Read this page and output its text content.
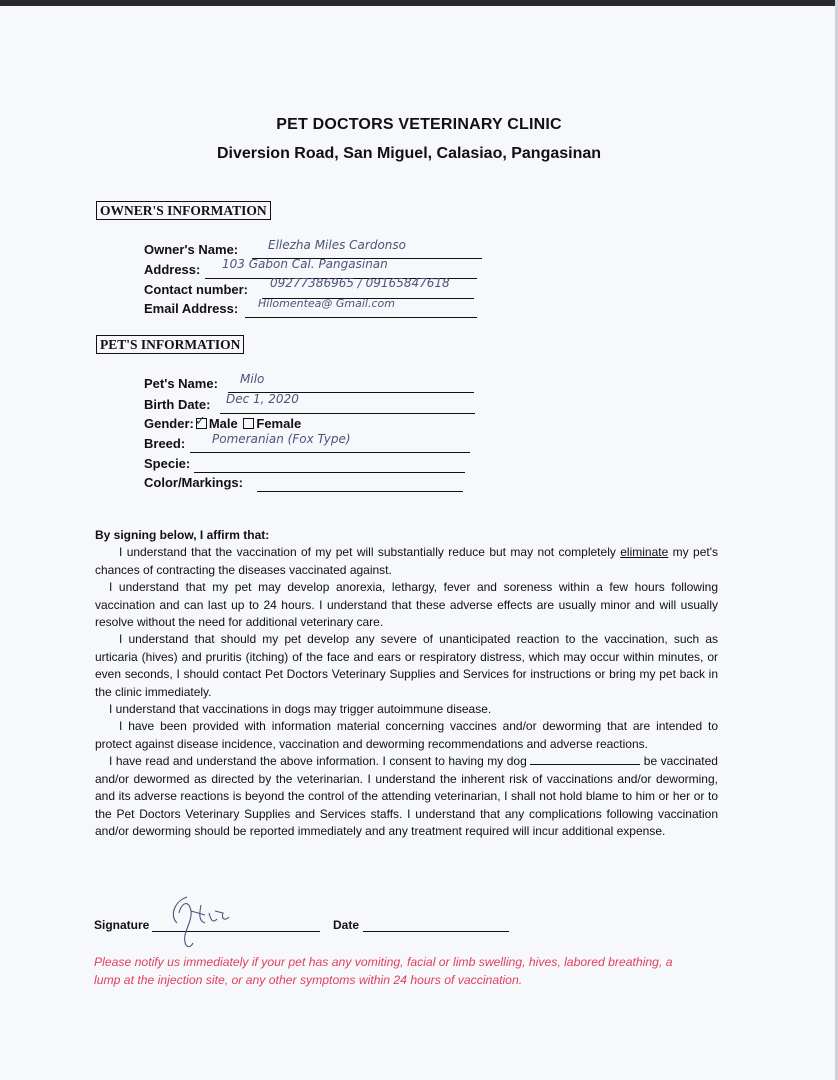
PET DOCTORS VETERINARY CLINIC
Diversion Road, San Miguel, Calasiao, Pangasinan
OWNER'S INFORMATION
Owner's Name: Ellezha Miles Cardonso
Address: 103 Gabon Cal. Pangasinan
Contact number: 09277386965 / 09165847618
Email Address: Hilomentea@ Gmail.com
PET'S INFORMATION
Pet's Name: Milo
Birth Date: Dec 1, 2020
Gender: ✓ Male Female
Breed: Pomeranian (Fox Type)
Specie:
Color/Markings:

By signing below, I affirm that:

I understand that the vaccination of my pet will substantially reduce but may not completely eliminate my pet's chances of contracting the diseases vaccinated against.

I understand that my pet may develop anorexia, lethargy, fever and soreness within a few hours following vaccination and can last up to 24 hours. I understand that these adverse effects are usually minor and will usually resolve without the need for additional veterinary care.

I understand that should my pet develop any severe of unanticipated reaction to the vaccination, such as urticaria (hives) and pruritis (itching) of the face and ears or respiratory distress, which may occur within minutes, or even seconds, I should contact Pet Doctors Veterinary Supplies and Services for instructions or bring my pet back in the clinic immediately.

I understand that vaccinations in dogs may trigger autoimmune disease.

I have been provided with information material concerning vaccines and/or deworming that are intended to protect against disease incidence, vaccination and deworming recommendations and adverse reactions.

I have read and understand the above information. I consent to having my dog	be vaccinated and/or dewormed as directed by the veterinarian. I understand the inherent risk of vaccinations and/or deworming, and its adverse reactions is beyond the control of the attending veterinarian, I shall not hold blame to him or her or to the Pet Doctors Veterinary Supplies and Services staffs. I understand that any complications following vaccination and/or deworming should be reported immediately and any treatment required will incur additional expense.

Signature	Date
Please notify us immediately if your pet has any vomiting, facial or limb swelling, hives, labored breathing, a lump at the injection site, or any other symptoms within 24 hours of vaccination.
